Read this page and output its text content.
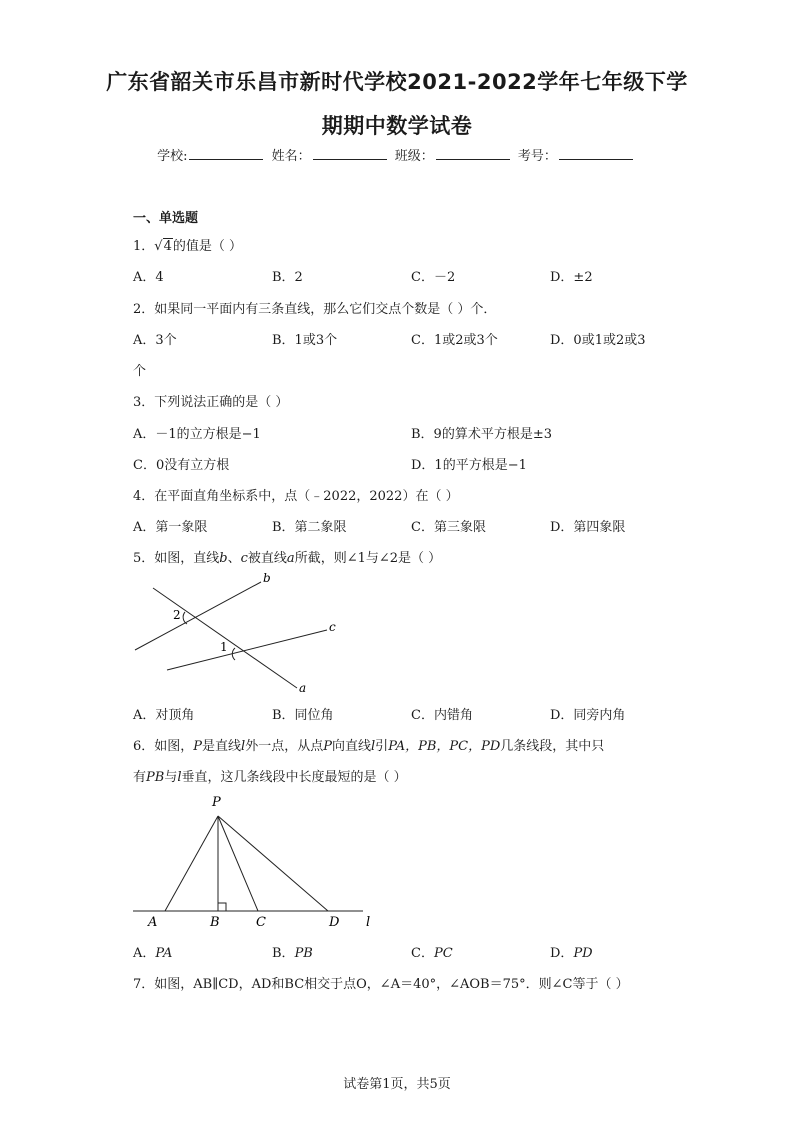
广东省韶关市乐昌市新时代学校2021-2022学年七年级下学
期期中数学试卷
学校:	姓名：	班级：	考号：
一、单选题
1．√4的值是（ ）
A．4	B．2	C．－2	D．±2
2．如果同一平面内有三条直线，那么它们交点个数是（ ）个．
A．3个	B．1或3个	C．1或2或3个	D．0或1或2或3
个
3．下列说法正确的是（ ）
A．－1的立方根是−1	B．9的算术平方根是±3
C．0没有立方根	D．1的平方根是−1
4．在平面直角坐标系中，点（﹣2022，2022）在（ ）
A．第一象限	B．第二象限	C．第三象限	D．第四象限
5．如图，直线b、c被直线a所截，则∠1与∠2是（ ）
b
c
a
2
1
A．对顶角	B．同位角	C．内错角	D．同旁内角
6．如图，P是直线l外一点，从点P向直线l引PA，PB，PC，PD几条线段，其中只
有PB与l垂直，这几条线段中长度最短的是（ ）
P
A	B	C	D l
A．PA	B．PB	C．PC	D．PD
7．如图，AB∥CD，AD和BC相交于点O，∠A＝40°，∠AOB＝75°．则∠C等于（ ）
试卷第1页，共5页
